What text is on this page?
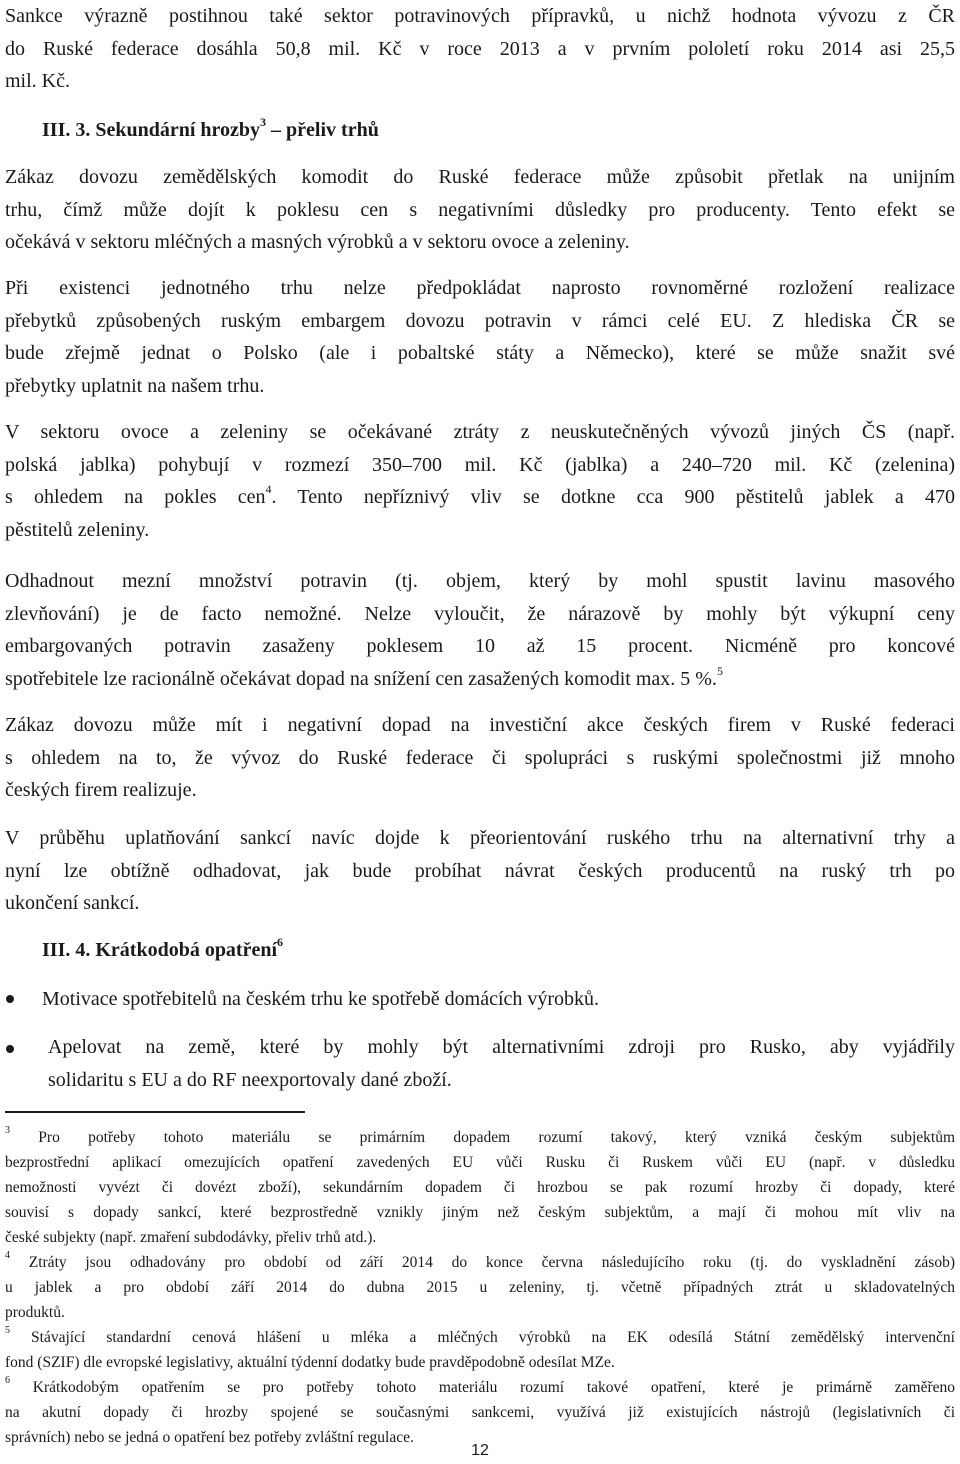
Sankce výrazně postihnou také sektor potravinových přípravků, u nichž hodnota vývozu z ČR
do Ruské federace dosáhla 50,8 mil. Kč v roce 2013 a v prvním pololetí roku 2014 asi 25,5
mil. Kč.
III. 3. Sekundární hrozby$^3$ – přeliv trhů
Zákaz dovozu zemědělských komodit do Ruské federace může způsobit přetlak na unijním
trhu, čímž může dojít k poklesu cen s negativními důsledky pro producenty. Tento efekt se
očekává v sektoru mléčných a masných výrobků a v sektoru ovoce a zeleniny.
Při existenci jednotného trhu nelze předpokládat naprosto rovnoměrné rozložení realizace
přebytků způsobených ruským embargem dovozu potravin v rámci celé EU. Z hlediska ČR se
bude zřejmě jednat o Polsko (ale i pobaltské státy a Německo), které se může snažit své
přebytky uplatnit na našem trhu.
V sektoru ovoce a zeleniny se očekávané ztráty z neuskutečněných vývozů jiných ČS (např.
polská jablka) pohybují v rozmezí 350–700 mil. Kč (jablka) a 240–720 mil. Kč (zelenina)
s ohledem na pokles cen$^4$. Tento nepříznivý vliv se dotkne cca 900 pěstitelů jablek a 470
pěstitelů zeleniny.
Odhadnout mezní množství potravin (tj. objem, který by mohl spustit lavinu masového
zlevňování) je de facto nemožné. Nelze vyloučit, že nárazově by mohly být výkupní ceny
embargovaných potravin zasaženy poklesem 10 až 15 procent. Nicméně pro koncové
spotřebitele lze racionálně očekávat dopad na snížení cen zasažených komodit max. 5 %.$^5$
Zákaz dovozu může mít i negativní dopad na investiční akce českých firem v Ruské federaci
s ohledem na to, že vývoz do Ruské federace či spolupráci s ruskými společnostmi již mnoho
českých firem realizuje.
V průběhu uplatňování sankcí navíc dojde k přeorientování ruského trhu na alternativní trhy a
nyní lze obtížně odhadovat, jak bude probíhat návrat českých producentů na ruský trh po
ukončení sankcí.
III. 4. Krátkodobá opatření$^6$
Motivace spotřebitelů na českém trhu ke spotřebě domácích výrobků.
Apelovat na země, které by mohly být alternativními zdroji pro Rusko, aby vyjádřily
solidaritu s EU a do RF neexportovaly dané zboží.
$^3$ Pro potřeby tohoto materiálu se primárním dopadem rozumí takový, který vzniká českým subjektům
bezprostřední aplikací omezujících opatření zavedených EU vůči Rusku či Ruskem vůči EU (např. v důsledku
nemožnosti vyvézt či dovézt zboží), sekundárním dopadem či hrozbou se pak rozumí hrozby či dopady, které
souvisí s dopady sankcí, které bezprostředně vznikly jiným než českým subjektům, a mají či mohou mít vliv na
české subjekty (např. zmaření subdodávky, přeliv trhů atd.).
$^4$ Ztráty jsou odhadovány pro období od září 2014 do konce června následujícího roku (tj. do vyskladnění zásob)
u jablek a pro období září 2014 do dubna 2015 u zeleniny, tj. včetně případných ztrát u skladovatelných
produktů.
$^5$ Stávající standardní cenová hlášení u mléka a mléčných výrobků na EK odesílá Státní zemědělský intervenční
fond (SZIF) dle evropské legislativy, aktuální týdenní dodatky bude pravděpodobně odesílat MZe.
$^6$ Krátkodobým opatřením se pro potřeby tohoto materiálu rozumí takové opatření, které je primárně zaměřeno
na akutní dopady či hrozby spojené se současnými sankcemi, využívá již existujících nástrojů (legislativních či
správních) nebo se jedná o opatření bez potřeby zvláštní regulace.
12
